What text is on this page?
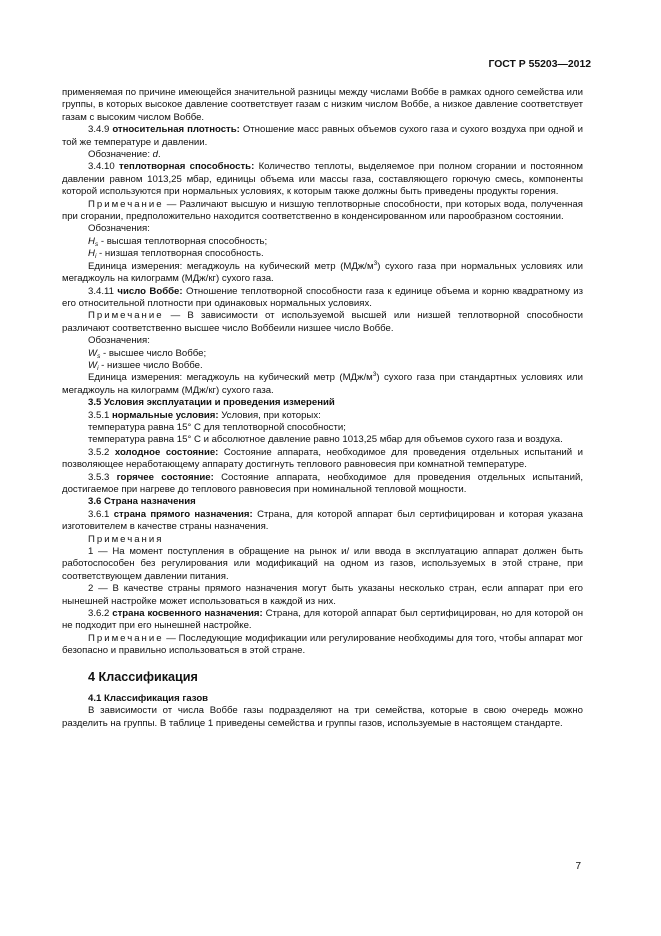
ГОСТ Р 55203—2012

применяемая по причине имеющейся значительной разницы между числами Воббе в рамках одного семейства или группы, в которых высокое давление соответствует газам с низким числом Воббе, а низкое давление соответствует газам с высоким числом Воббе.

3.4.9 относительная плотность: Отношение масс равных объемов сухого газа и сухого воздуха при одной и той же температуре и давлении.

Обозначение: d.

3.4.10 теплотворная способность: Количество теплоты, выделяемое при полном сгорании и постоянном давлении равном 1013,25 мбар, единицы объема или массы газа, составляющего горючую смесь, компоненты которой используются при нормальных условиях, к которым также должны быть приведены продукты горения.

Примечание — Различают высшую и низшую теплотворные способности, при которых вода, полученная при сгорании, предположительно находится соответственно в конденсированном или парообразном состоянии.

Обозначения:

$H_s$ - высшая теплотворная способность;

$H_i$ - низшая теплотворная способность.

Единица измерения: мегаджоуль на кубический метр $(МДж/м^3)$ сухого газа при нормальных условиях или мегаджоуль на килограмм (МДж/кг) сухого газа.

3.4.11 число Воббе: Отношение теплотворной способности газа к единице объема и корню квадратному из его относительной плотности при одинаковых нормальных условиях.

Примечание — В зависимости от используемой высшей или низшей теплотворной способности различают соответственно высшее число Воббеили низшее число Воббе.

Обозначения:

$W_s$ - высшее число Воббе;

$W_i$ - низшее число Воббе.

Единица измерения: мегаджоуль на кубический метр $(МДж/м^3)$ сухого газа при стандартных условиях или мегаджоуль на килограмм (МДж/кг) сухого газа.

3.5 Условия эксплуатации и проведения измерений

3.5.1 нормальные условия: Условия, при которых:

температура равна 15° С для теплотворной способности;

температура равна 15° С и абсолютное давление равно 1013,25 мбар для объемов сухого газа и воздуха.

3.5.2 холодное состояние: Состояние аппарата, необходимое для проведения отдельных испытаний и позволяющее неработающему аппарату достигнуть теплового равновесия при комнатной температуре.

3.5.3 горячее состояние: Состояние аппарата, необходимое для проведения отдельных испытаний, достигаемое при нагреве до теплового равновесия при номинальной тепловой мощности.

3.6 Страна назначения

3.6.1 страна прямого назначения: Страна, для которой аппарат был сертифицирован и которая указана изготовителем в качестве страны назначения.

Примечания

1 — На момент поступления в обращение на рынок и/ или ввода в эксплуатацию аппарат должен быть работоспособен без регулирования или модификаций на одном из газов, используемых в этой стране, при соответствующем давлении питания.

2 — В качестве страны прямого назначения могут быть указаны несколько стран, если аппарат при его нынешней настройке может использоваться в каждой из них.

3.6.2 страна косвенного назначения: Страна, для которой аппарат был сертифицирован, но для которой он не подходит при его нынешней настройке.

Примечание — Последующие модификации или регулирование необходимы для того, чтобы аппарат мог безопасно и правильно использоваться в этой стране.

4 Классификация

4.1 Классификация газов

В зависимости от числа Воббе газы подразделяют на три семейства, которые в свою очередь можно разделить на группы. В таблице 1 приведены семейства и группы газов, используемые в настоящем стандарте.

7
